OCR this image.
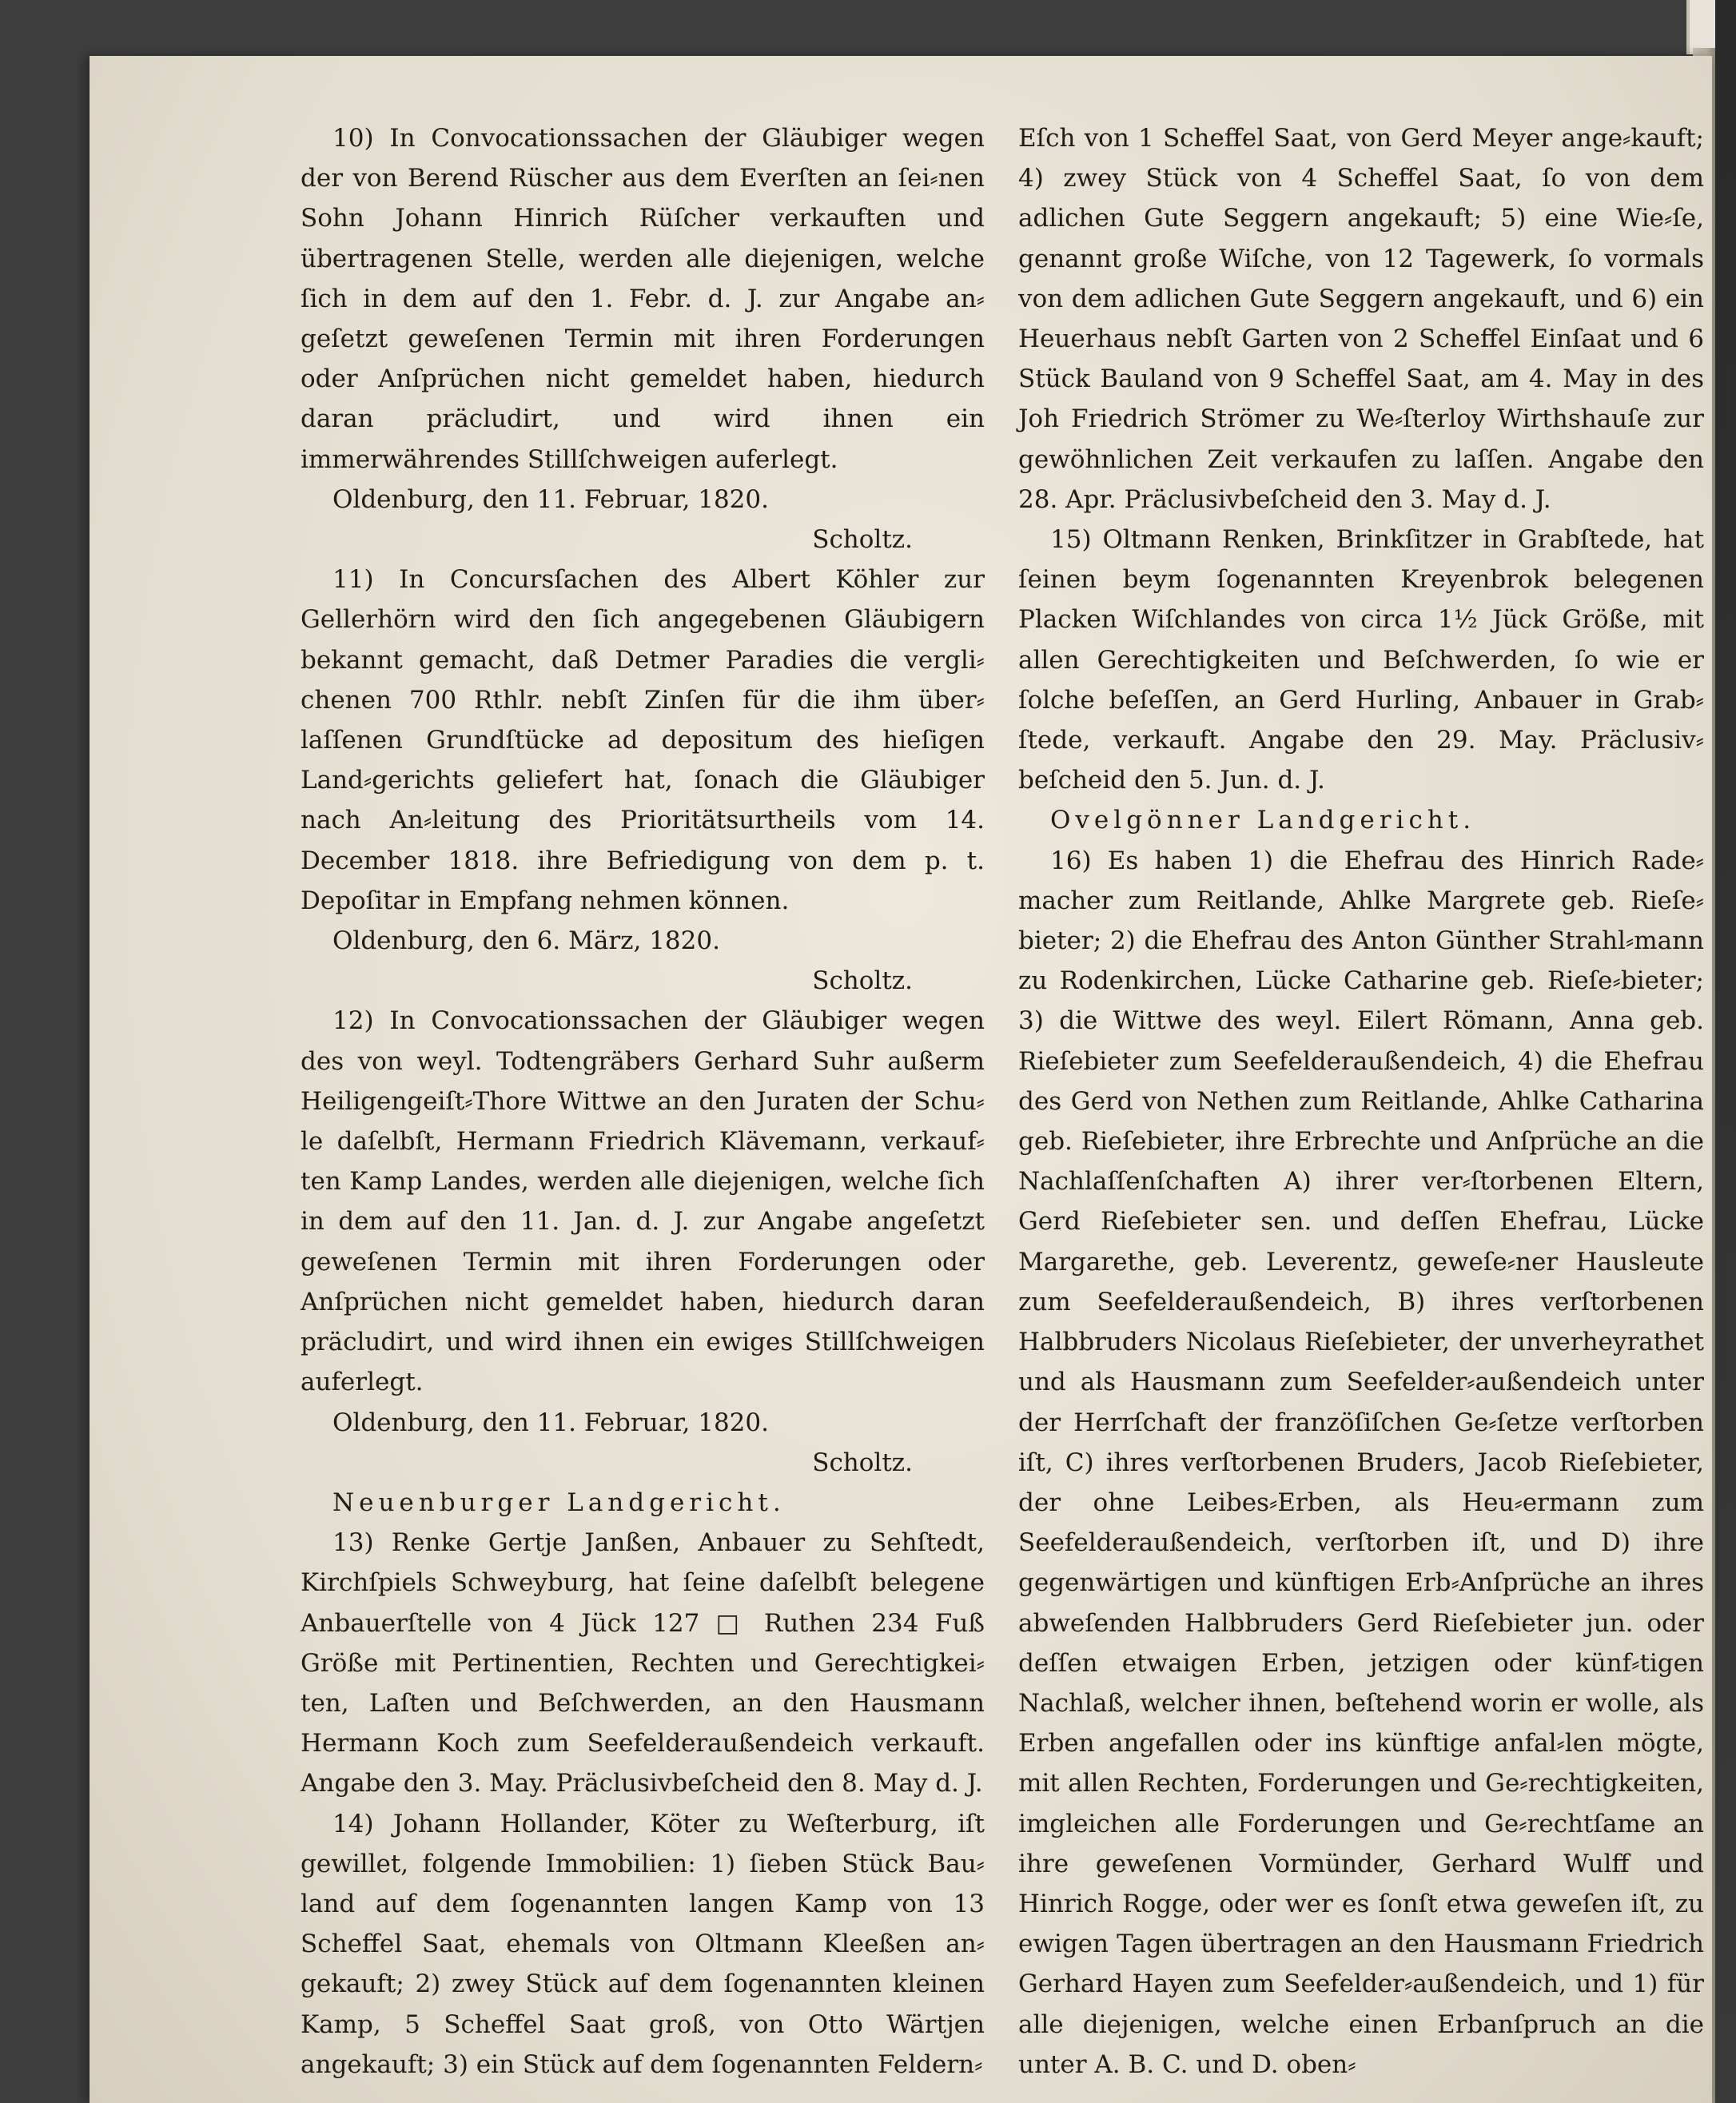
10) In Convocationssachen der Gläubiger wegen der von Berend Rüscher aus dem Everſten an ſei⸗nen Sohn Johann Hinrich Rüſcher verkauften und übertragenen Stelle, werden alle diejenigen, welche ſich in dem auf den 1. Febr. d. J. zur Angabe an⸗geſetzt geweſenen Termin mit ihren Forderungen oder Anſprüchen nicht gemeldet haben, hiedurch daran präcludirt, und wird ihnen ein immerwährendes Stillſchweigen auferlegt.

Oldenburg, den 11. Februar, 1820.

Scholtz.

11) In Concursſachen des Albert Köhler zur Gellerhörn wird den ſich angegebenen Gläubigern bekannt gemacht, daß Detmer Paradies die vergli⸗chenen 700 Rthlr. nebſt Zinſen für die ihm über⸗laſſenen Grundſtücke ad depositum des hieſigen Land⸗gerichts geliefert hat, ſonach die Gläubiger nach An⸗leitung des Prioritätsurtheils vom 14. December 1818. ihre Befriedigung von dem p. t. Depoſitar in Empfang nehmen können.

Oldenburg, den 6. März, 1820.

Scholtz.

12) In Convocationssachen der Gläubiger wegen des von weyl. Todtengräbers Gerhard Suhr außerm Heiligengeiſt⸗Thore Wittwe an den Juraten der Schu⸗le daſelbſt, Hermann Friedrich Klävemann, verkauf⸗ten Kamp Landes, werden alle diejenigen, welche ſich in dem auf den 11. Jan. d. J. zur Angabe angeſetzt geweſenen Termin mit ihren Forderungen oder Anſprüchen nicht gemeldet haben, hiedurch daran präcludirt, und wird ihnen ein ewiges Stillſchweigen auferlegt.

Oldenburg, den 11. Februar, 1820.

Scholtz.

Neuenburger Landgericht.

13) Renke Gertje Janßen, Anbauer zu Sehſtedt, Kirchſpiels Schweyburg, hat ſeine daſelbſt belegene Anbauerſtelle von 4 Jück 127 □ Ruthen 234 Fuß Größe mit Pertinentien, Rechten und Gerechtigkei⸗ten, Laſten und Beſchwerden, an den Hausmann Hermann Koch zum Seefelderaußendeich verkauft. Angabe den 3. May. Präclusivbeſcheid den 8. May d. J.

14) Johann Hollander, Köter zu Weſterburg, iſt gewillet, folgende Immobilien: 1) ſieben Stück Bau⸗land auf dem ſogenannten langen Kamp von 13 Scheffel Saat, ehemals von Oltmann Kleeßen an⸗gekauft; 2) zwey Stück auf dem ſogenannten kleinen Kamp, 5 Scheffel Saat groß, von Otto Wärtjen angekauft; 3) ein Stück auf dem ſogenannten Feldern⸗

Eſch von 1 Scheffel Saat, von Gerd Meyer ange⸗kauft; 4) zwey Stück von 4 Scheffel Saat, ſo von dem adlichen Gute Seggern angekauft; 5) eine Wie⸗ſe, genannt große Wiſche, von 12 Tagewerk, ſo vormals von dem adlichen Gute Seggern angekauft, und 6) ein Heuerhaus nebſt Garten von 2 Scheffel Einſaat und 6 Stück Bauland von 9 Scheffel Saat, am 4. May in des Joh Friedrich Strömer zu We⸗ſterloy Wirthshauſe zur gewöhnlichen Zeit verkaufen zu laſſen. Angabe den 28. Apr. Präclusivbeſcheid den 3. May d. J.

15) Oltmann Renken, Brinkſitzer in Grabſtede, hat ſeinen beym ſogenannten Kreyenbrok belegenen Placken Wiſchlandes von circa 1½ Jück Größe, mit allen Gerechtigkeiten und Beſchwerden, ſo wie er ſolche beſeſſen, an Gerd Hurling, Anbauer in Grab⸗ſtede, verkauft. Angabe den 29. May. Präclusiv⸗beſcheid den 5. Jun. d. J.

Ovelgönner Landgericht.

16) Es haben 1) die Ehefrau des Hinrich Rade⸗macher zum Reitlande, Ahlke Margrete geb. Rieſe⸗bieter; 2) die Ehefrau des Anton Günther Strahl⸗mann zu Rodenkirchen, Lücke Catharine geb. Rieſe⸗bieter; 3) die Wittwe des weyl. Eilert Römann, Anna geb. Rieſebieter zum Seefelderaußendeich, 4) die Ehefrau des Gerd von Nethen zum Reitlande, Ahlke Catharina geb. Rieſebieter, ihre Erbrechte und Anſprüche an die Nachlaſſenſchaften A) ihrer ver⸗ſtorbenen Eltern, Gerd Rieſebieter sen. und deſſen Ehefrau, Lücke Margarethe, geb. Leverentz, geweſe⸗ner Hausleute zum Seefelderaußendeich, B) ihres verſtorbenen Halbbruders Nicolaus Rieſebieter, der unverheyrathet und als Hausmann zum Seefelder⸗außendeich unter der Herrſchaft der franzöſiſchen Ge⸗ſetze verſtorben iſt, C) ihres verſtorbenen Bruders, Jacob Rieſebieter, der ohne Leibes⸗Erben, als Heu⸗ermann zum Seefelderaußendeich, verſtorben iſt, und D) ihre gegenwärtigen und künftigen Erb⸗Anſprüche an ihres abweſenden Halbbruders Gerd Rieſebieter jun. oder deſſen etwaigen Erben, jetzigen oder künf⸗tigen Nachlaß, welcher ihnen, beſtehend worin er wolle, als Erben angefallen oder ins künftige anfal⸗len mögte, mit allen Rechten, Forderungen und Ge⸗rechtigkeiten, imgleichen alle Forderungen und Ge⸗rechtſame an ihre geweſenen Vormünder, Gerhard Wulff und Hinrich Rogge, oder wer es ſonſt etwa geweſen iſt, zu ewigen Tagen übertragen an den Hausmann Friedrich Gerhard Hayen zum Seefelder⸗außendeich, und 1) für alle diejenigen, welche einen Erbanſpruch an die unter A. B. C. und D. oben⸗
